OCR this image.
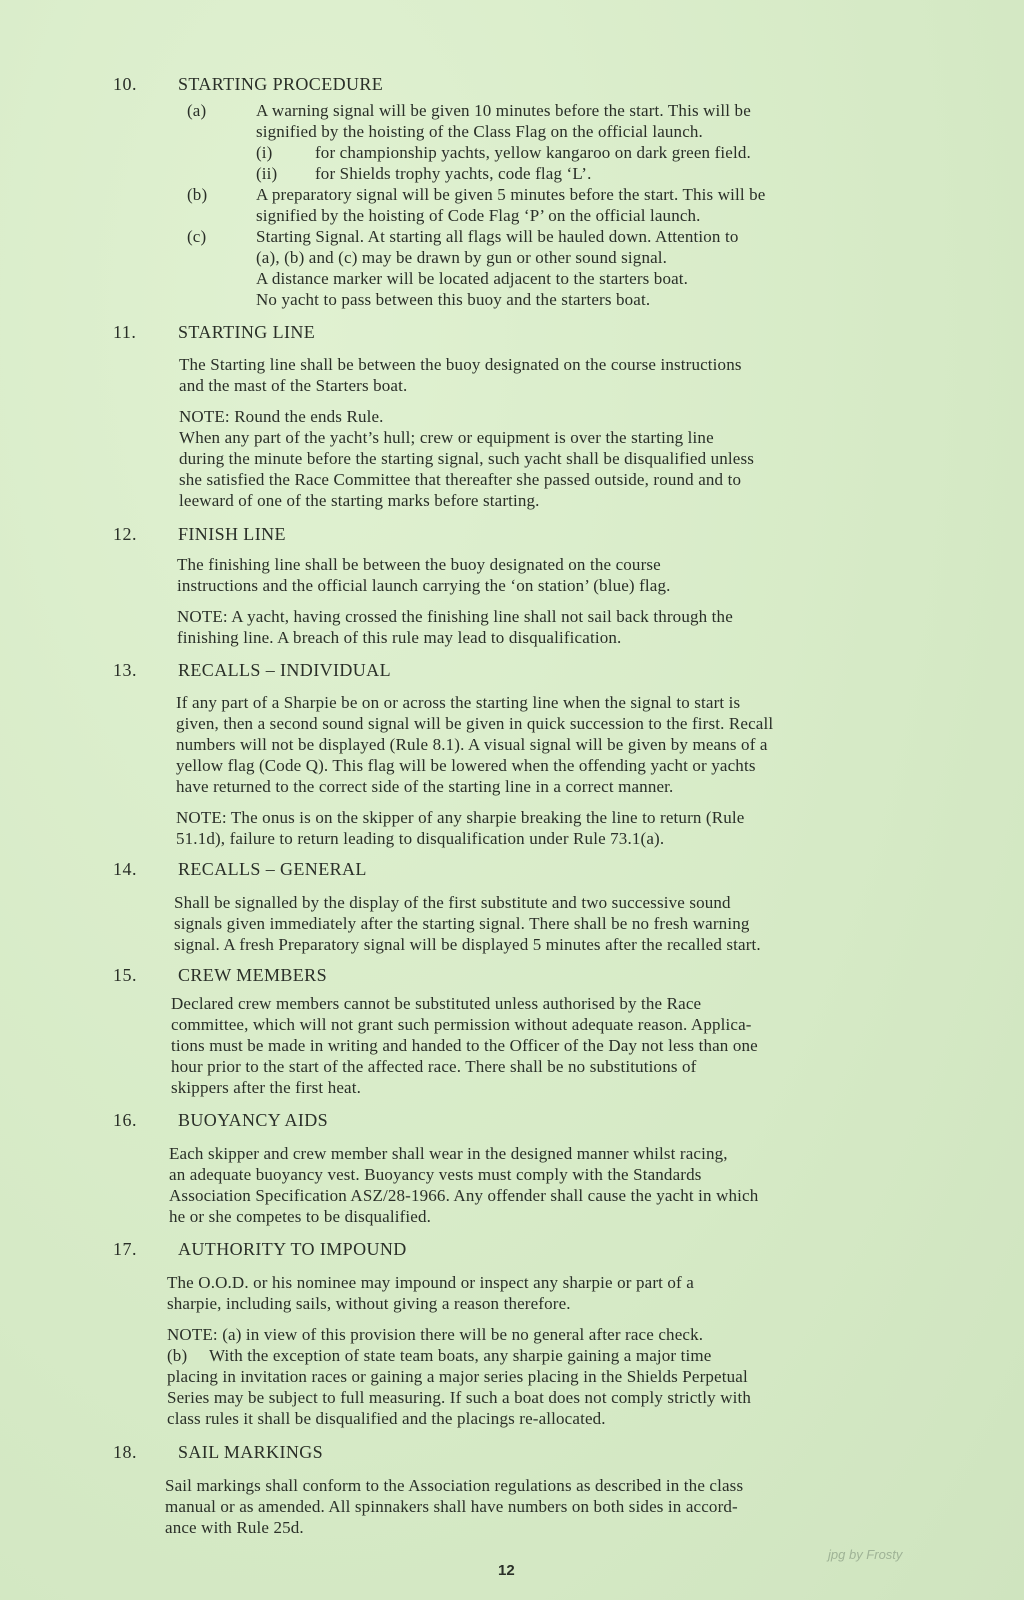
10. STARTING PROCEDURE
(a)	A warning signal will be given 10 minutes before the start. This will be
signified by the hoisting of the Class Flag on the official launch.
(i)	for championship yachts, yellow kangaroo on dark green field.
(ii) for Shields trophy yachts, code flag ‘L’.
(b)	A preparatory signal will be given 5 minutes before the start. This will be
signified by the hoisting of Code Flag ‘P’ on the official launch.
(c)	Starting Signal. At starting all flags will be hauled down. Attention to
(a), (b) and (c) may be drawn by gun or other sound signal.
A distance marker will be located adjacent to the starters boat.
No yacht to pass between this buoy and the starters boat.
11. STARTING LINE
The Starting line shall be between the buoy designated on the course instructions
and the mast of the Starters boat.
NOTE: Round the ends Rule.
When any part of the yacht’s hull; crew or equipment is over the starting line
during the minute before the starting signal, such yacht shall be disqualified unless
she satisfied the Race Committee that thereafter she passed outside, round and to
leeward of one of the starting marks before starting.
12. FINISH LINE
The finishing line shall be between the buoy designated on the course
instructions and the official launch carrying the ‘on station’ (blue) flag.
NOTE: A yacht, having crossed the finishing line shall not sail back through the
finishing line. A breach of this rule may lead to disqualification.
13. RECALLS – INDIVIDUAL
If any part of a Sharpie be on or across the starting line when the signal to start is
given, then a second sound signal will be given in quick succession to the first. Recall
numbers will not be displayed (Rule 8.1). A visual signal will be given by means of a
yellow flag (Code Q). This flag will be lowered when the offending yacht or yachts
have returned to the correct side of the starting line in a correct manner.
NOTE: The onus is on the skipper of any sharpie breaking the line to return (Rule
51.1d), failure to return leading to disqualification under Rule 73.1(a).
14. RECALLS – GENERAL
Shall be signalled by the display of the first substitute and two successive sound
signals given immediately after the starting signal. There shall be no fresh warning
signal. A fresh Preparatory signal will be displayed 5 minutes after the recalled start.
15. CREW MEMBERS
Declared crew members cannot be substituted unless authorised by the Race
committee, which will not grant such permission without adequate reason. Applica-
tions must be made in writing and handed to the Officer of the Day not less than one
hour prior to the start of the affected race. There shall be no substitutions of
skippers after the first heat.
16. BUOYANCY AIDS
Each skipper and crew member shall wear in the designed manner whilst racing,
an adequate buoyancy vest. Buoyancy vests must comply with the Standards
Association Specification ASZ/28-1966. Any offender shall cause the yacht in which
he or she competes to be disqualified.
17. AUTHORITY TO IMPOUND
The O.O.D. or his nominee may impound or inspect any sharpie or part of a
sharpie, including sails, without giving a reason therefore.
NOTE: (a) in view of this provision there will be no general after race check.
(b)     With the exception of state team boats, any sharpie gaining a major time
placing in invitation races or gaining a major series placing in the Shields Perpetual
Series may be subject to full measuring. If such a boat does not comply strictly with
class rules it shall be disqualified and the placings re-allocated.
18. SAIL MARKINGS
Sail markings shall conform to the Association regulations as described in the class
manual or as amended. All spinnakers shall have numbers on both sides in accord-
ance with Rule 25d.
12
jpg by Frosty
